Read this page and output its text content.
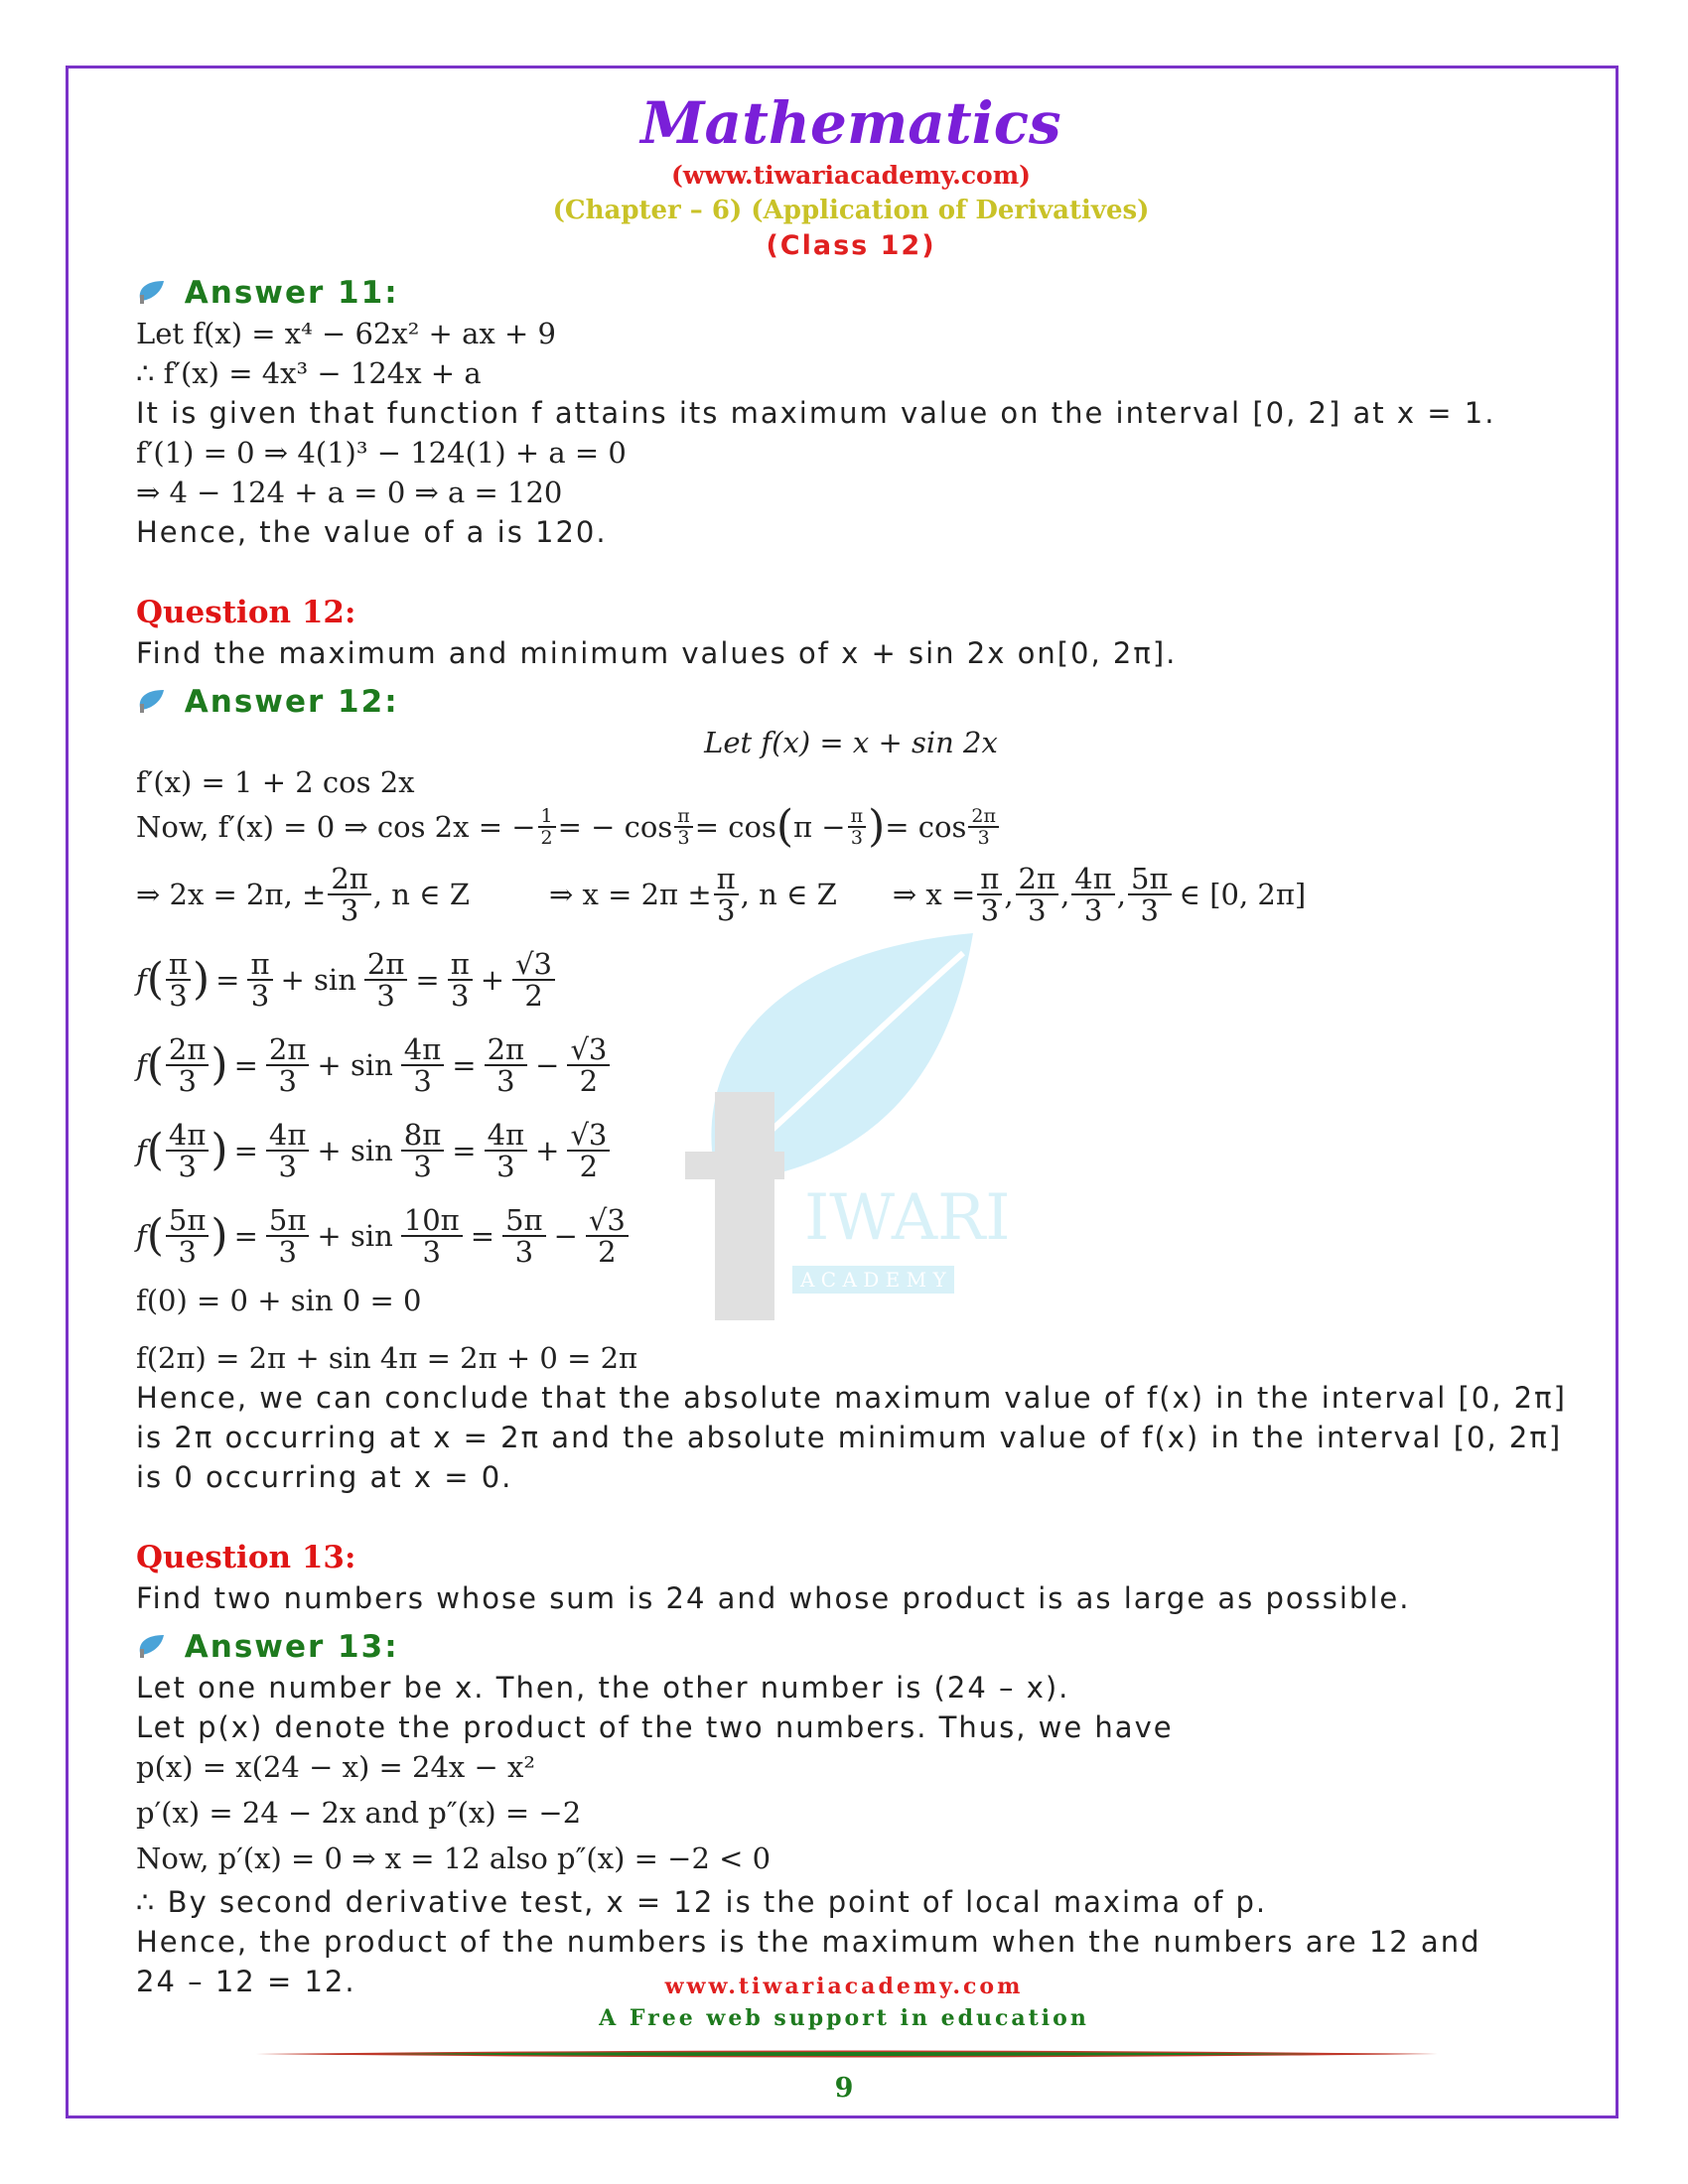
IWARI
A C A D E M Y
Mathematics
(www.tiwariacademy.com)
(Chapter – 6) (Application of Derivatives)
(Class 12)
Answer 11:
Let f(x) = x⁴ − 62x² + ax + 9
∴ f′(x) = 4x³ − 124x + a
It is given that function f attains its maximum value on the interval [0, 2] at x = 1.
f′(1) = 0 ⇒ 4(1)³ − 124(1) + a = 0
⇒ 4 − 124 + a = 0 ⇒ a = 120
Hence, the value of a is 120.
Question 12:
Find the maximum and minimum values of x + sin 2x on[0, 2π].
Answer 12:
Let f(x) = x + sin 2x
f′(x) = 1 + 2 cos 2x
Now, f′(x) = 0 ⇒ cos 2x = − $\frac{1}{2}$ = − $\cos \frac{\pi}{3} = \cos$ ( $\pi - \frac{\pi}{3}$ ) = $\cos \frac{2\pi}{3}$
⇒ 2x = 2π, ± $\frac{2\pi}{3}$ , n ∈ Z	⇒ $x = 2\pi \pm \frac{\pi}{3}$ , n ∈ Z ⇒ $x = \frac{\pi}{3}$ , $\frac{2\pi}{3}$ , $\frac{4\pi}{3}$ , $\frac{5\pi}{3}$ ∈ [0, 2π]
f ( $\frac{\pi}{3}$ ) = $\frac{\pi}{3} + \sin \frac{2\pi}{3} = \frac{\pi}{3} + \frac{√3}{2}$
f ( $\frac{2\pi}{3}$ ) = $\frac{2\pi}{3} + \sin \frac{4\pi}{3} = \frac{2\pi}{3} - \frac{√3}{2}$
f ( $\frac{4\pi}{3}$ ) = $\frac{4\pi}{3} + \sin \frac{8\pi}{3} = \frac{4\pi}{3} + \frac{√3}{2}$
f ( $\frac{5\pi}{3}$ ) = $\frac{5\pi}{3} + \sin \frac{10\pi}{3} = \frac{5\pi}{3} - \frac{√3}{2}$
f(0) = 0 + sin 0 = 0
f(2π) = 2π + sin 4π = 2π + 0 = 2π
Hence, we can conclude that the absolute maximum value of f(x) in the interval [0, 2π]
is 2π occurring at x = 2π and the absolute minimum value of f(x) in the interval [0, 2π]
is 0 occurring at x = 0.
Question 13:
Find two numbers whose sum is 24 and whose product is as large as possible.
Answer 13:
Let one number be x. Then, the other number is (24 – x).
Let p(x) denote the product of the two numbers. Thus, we have
p(x) = x(24 − x) = 24x − x²
p′(x) = 24 − 2x and p″(x) = −2
Now, p′(x) = 0 ⇒ x = 12 also p″(x) = −2 < 0
∴ By second derivative test, x = 12 is the point of local maxima of p.
Hence, the product of the numbers is the maximum when the numbers are 12 and
24 – 12 = 12.	www.tiwariacademy.com
A Free web support in education
9
